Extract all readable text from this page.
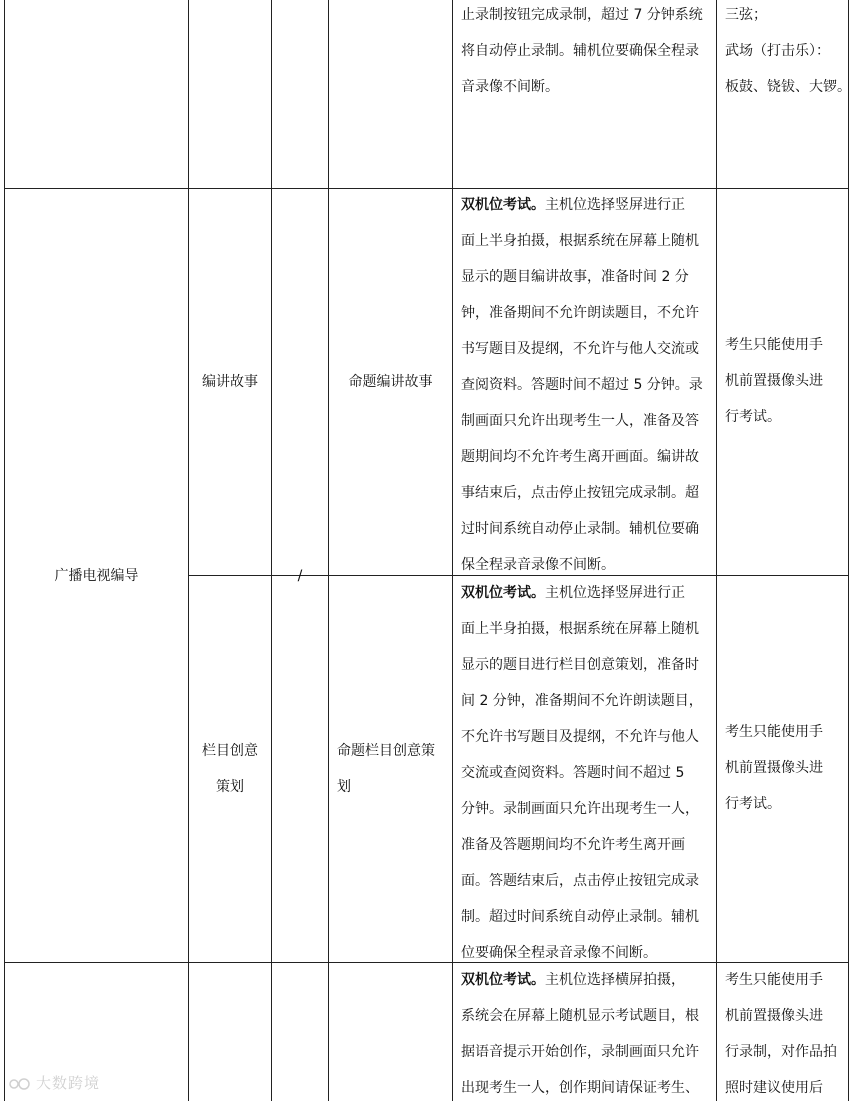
止录制按钮完成录制，超过 7 分钟系统
将自动停止录制。辅机位要确保全程录
音录像不间断。
三弦；
武场（打击乐）：
板鼓、铙钹、大锣。
广播电视编导	/
编讲故事	命题编讲故事
双机位考试。主机位选择竖屏进行正
面上半身拍摄，根据系统在屏幕上随机
显示的题目编讲故事，准备时间 2 分
钟，准备期间不允许朗读题目，不允许
书写题目及提纲，不允许与他人交流或
查阅资料。答题时间不超过 5 分钟。录
制画面只允许出现考生一人，准备及答
题期间均不允许考生离开画面。编讲故
事结束后，点击停止按钮完成录制。超
过时间系统自动停止录制。辅机位要确
保全程录音录像不间断。
考生只能使用手
机前置摄像头进
行考试。
栏目创意
策划
命题栏目创意策
划
双机位考试。主机位选择竖屏进行正
面上半身拍摄，根据系统在屏幕上随机
显示的题目进行栏目创意策划，准备时
间 2 分钟，准备期间不允许朗读题目，
不允许书写题目及提纲，不允许与他人
交流或查阅资料。答题时间不超过 5
分钟。录制画面只允许出现考生一人，
准备及答题期间均不允许考生离开画
面。答题结束后，点击停止按钮完成录
制。超过时间系统自动停止录制。辅机
位要确保全程录音录像不间断。
考生只能使用手
机前置摄像头进
行考试。
双机位考试。主机位选择横屏拍摄，
系统会在屏幕上随机显示考试题目，根
据语音提示开始创作，录制画面只允许
出现考生一人，创作期间请保证考生、
考生只能使用手
机前置摄像头进
行录制，对作品拍
照时建议使用后
大数跨境
